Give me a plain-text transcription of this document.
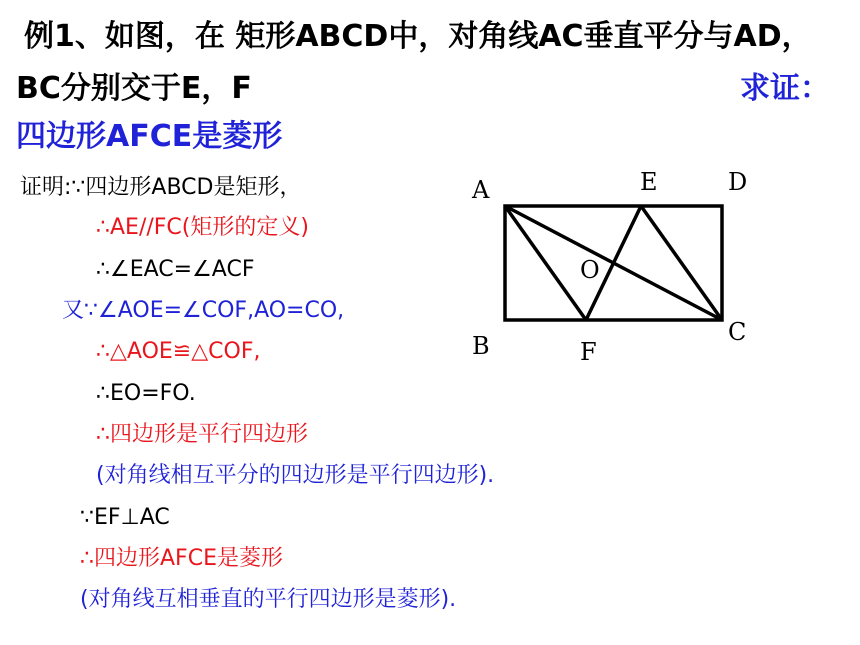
例1、如图，在 矩形ABCD中，对角线AC垂直平分与AD，
BC分别交于E，F	求证：
四边形AFCE是菱形
证明:∵四边形ABCD是矩形，
∴AE//FC(矩形的定义)
∴∠EAC=∠ACF
又∵∠AOE=∠COF,AO=CO,
∴△AOE≌△COF,
∴EO=FO.
∴四边形是平行四边形
(对角线相互平分的四边形是平行四边形).
∵EF⊥AC
∴四边形AFCE是菱形
(对角线互相垂直的平行四边形是菱形).
A	E	D
O
B	F
C
